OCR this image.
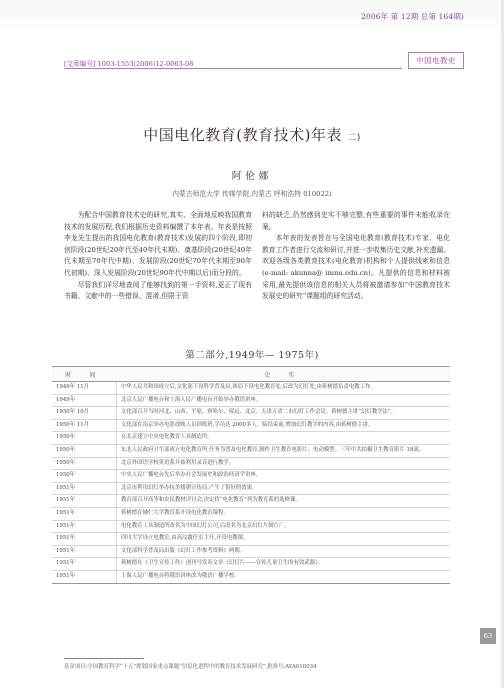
2006年 第 12期 总第 164期)
[文章编号] 1003-1553(2006)12-0063-08	中国电教史
中国电化教育(教育技术)年表 二)
阿伦娜
内蒙古师范大学 传媒学院,内蒙古 呼和浩特 010022)

为配合中国教育技术史的研究,真实、全面地反映我国教育技术的发展历程,我们根据历史资料编撰了本年表。年表是按照李龙先生提出的我国电化教育(教育技术)发展的四个阶段,即初创阶段(20世纪20年代至40年代末期)、奠基阶段(20世纪40年代末期至70年代中期)、发展阶段(20世纪70年代末期至90年代初期)、深入发展阶段(20世纪90年代中期以后)而分段的。

尽管我们详尽地查阅了能够找到的第一手资料,更正了现有书籍、文献中的一些错误、混淆,但限于资

料的缺乏,仍然感到史实不够完整,有些重要的事件未能收录在案。

本年表的发表旨在与全国电化教育(教育技术)专家、电化教育工作者进行交流和研讨,并进一步收集历史文献,补充遗漏。欢迎各级各类教育技术(电化教育)机构和个人提供线索和信息(e-mail: akunna@ imnu.edu.cn)。凡提供的信息和材料被采用,最先提供该信息的相关人员将被邀请参加“中国教育技术发展史的研究”课题组的研究活动。

第二部分,1949年— 1975年)
时 间	史 实
1949年 11月	中华人民共和国成立后,文化部下设科学普及局,该局下设电化教育处,后改为幻灯处,由蒋树德负责电教工作。
1949年	北京人民广播电台和上海人民广播电台开始举办俄语讲座。
1950年 10月	文化部召开当时河北、山西、平原、察哈尔、绥远、北京、天津五省二市幻灯工作会议。蒋树德主讲“幻灯教学法”。
1950年 11月	文化部在南京举办电影放映人员训练班,学员达 2000多人。临结束前,增加幻灯教学的内容,由蒋树德主讲。
1950年	在北京建立中央电化教育工具制造所。
1950年	东北人民政府卫生部成立电化教育所,任务为普及电化教育,制作卫生教育电影片、电动模型。三年中共拍摄卫生教育影片 18部。
1950年	北京外国语学校英语系开始利用录音进行教学。
1950年	中央人民广播电台先后举办社会发展史和政治经济学讲座。
1951年	北京市利用幻灯举办抗美援朝宣传局,产生了很好的效果。
1951年	教育部召开高等和农民教材评讨会,决定将“电化教育”列为教育系的选修课。
1951年	蒋树德在辅仁大学教育系开设电化教育课程。
1951年	电化教育工具制造所改名为中国幻灯公司,后改名为北京幻灯片制片厂。
1951年	四川大学设立电教室,由高汶鑫任室主任,开设电教课。
1951年	文化部科学普及局出版《幻灯工作参考资料》两期。
1951年	蒋树德在《卫生宣传工作》创刊号发表文章《幻灯片——宣传儿童卫生的有效武器》。
1951年	上海人民广播电台将俄语讲座改为俄语广播学校。
基金项目:全国教育科学“十五”规划国家重点课题“信息化进程中的教育技术发展研究”,批准号:AYA010034
63
